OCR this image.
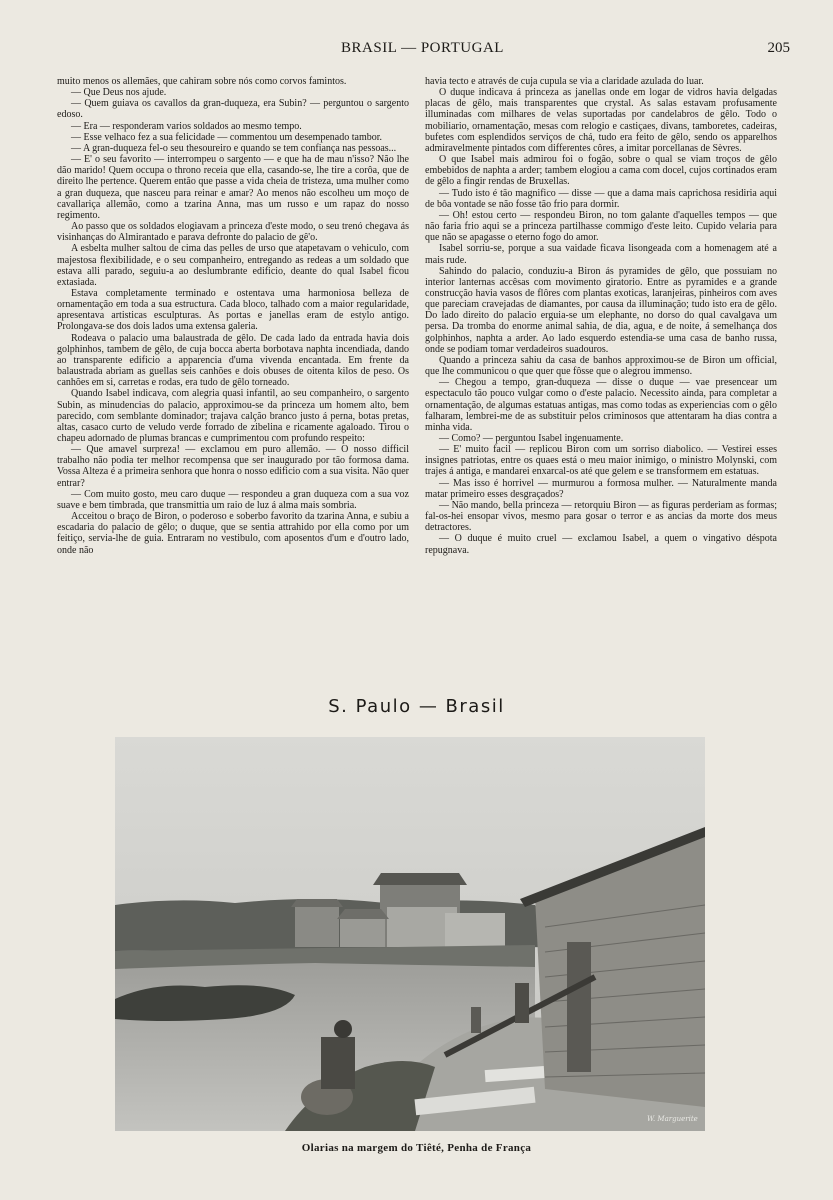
BRASIL — PORTUGAL	205

muito menos os allemães, que cahiram sobre nós como corvos famintos.

— Que Deus nos ajude.

— Quem guiava os cavallos da gran-duqueza, era Subin? — perguntou o sargento edoso.

— Era — responderam varios soldados ao mesmo tempo.

— Esse velhaco fez a sua felicidade — commentou um desempenado tambor.

— A gran-duqueza fel-o seu thesoureiro e quando se tem confiança nas pessoas...

— E' o seu favorito — interrompeu o sargento — e que ha de mau n'isso? Não lhe dão marido! Quem occupa o throno receia que ella, casando-se, lhe tire a corôa, que de direito lhe pertence. Querem então que passe a vida cheia de tristeza, uma mulher como a gran duqueza, que nasceu para reinar e amar? Ao menos não escolheu um moço de cavallariça allemão, como a tzarina Anna, mas um russo e um rapaz do nosso regimento.

Ao passo que os soldados elogiavam a princeza d'este modo, o seu trenó chegava ás visinhanças do Almirantado e parava defronte do palacio de gê'o.

A esbelta mulher saltou de cima das pelles de urso que atapetavam o vehiculo, com majestosa flexibilidade, e o seu companheiro, entregando as redeas a um soldado que estava alli parado, seguiu-a ao deslumbrante edificio, deante do qual Isabel ficou extasiada.

Estava completamente terminado e ostentava uma harmoniosa belleza de ornamentação em toda a sua estructura. Cada bloco, talhado com a maior regularidade, apresentava artisticas esculpturas. As portas e janellas eram de estylo antigo. Prolongava-se dos dois lados uma extensa galeria.

Rodeava o palacio uma balaustrada de gêlo. De cada lado da entrada havia dois golphinhos, tambem de gêlo, de cuja bocca aberta borbotava naphta incendiada, dando ao transparente edificio a apparencia d'uma vivenda encantada. Em frente da balaustrada abriam as guellas seis canhões e dois obuses de oitenta kilos de peso. Os canhões em si, carretas e rodas, era tudo de gêlo torneado.

Quando Isabel indicava, com alegria quasi infantil, ao seu companheiro, o sargento Subin, as minudencias do palacio, approximou-se da princeza um homem alto, bem parecido, com semblante dominador; trajava calção branco justo á perna, botas pretas, altas, casaco curto de veludo verde forrado de zibelina e ricamente agaloado. Tirou o chapeu adornado de plumas brancas e cumprimentou com profundo respeito:

— Que amavel surpreza! — exclamou em puro allemão. — O nosso difficil trabalho não podia ter melhor recompensa que ser inaugurado por tão formosa dama. Vossa Alteza é a primeira senhora que honra o nosso edificio com a sua visita. Não quer entrar?

— Com muito gosto, meu caro duque — respondeu a gran duqueza com a sua voz suave e bem timbrada, que transmittia um raio de luz á alma mais sombria.

Acceitou o braço de Biron, o poderoso e soberbo favorito da tzarina Anna, e subiu a escadaria do palacio de gêlo; o duque, que se sentia attrahido por ella como por um feitiço, servia-lhe de guia. Entraram no vestibulo, com aposentos d'um e d'outro lado, onde não

havia tecto e através de cuja cupula se via a claridade azulada do luar.

O duque indicava á princeza as janellas onde em logar de vidros havia delgadas placas de gêlo, mais transparentes que crystal. As salas estavam profusamente illuminadas com milhares de velas suportadas por candelabros de gêlo. Todo o mobiliario, ornamentação, mesas com relogio e castiçaes, divans, tamboretes, cadeiras, bufetes com esplendidos serviços de chá, tudo era feito de gêlo, sendo os apparelhos admiravelmente pintados com differentes côres, a imitar porcellanas de Sèvres.

O que Isabel mais admirou foi o fogão, sobre o qual se viam troços de gêlo embebidos de naphta a arder; tambem elogiou a cama com docel, cujos cortinados eram de gêlo a fingir rendas de Bruxellas.

— Tudo isto é tão magnifico — disse — que a dama mais caprichosa residiria aqui de bôa vontade se não fosse tão frio para dormir.

— Oh! estou certo — respondeu Biron, no tom galante d'aquelles tempos — que não faria frio aqui se a princeza partilhasse commigo d'este leito. Cupido velaria para que não se apagasse o eterno fogo do amor.

Isabel sorriu-se, porque a sua vaidade ficava lisongeada com a homenagem até a mais rude.

Sahindo do palacio, conduziu-a Biron ás pyramides de gêlo, que possuiam no interior lanternas accêsas com movimento giratorio. Entre as pyramides e a grande construcção havia vasos de flôres com plantas exoticas, laranjeiras, pinheiros com aves que pareciam cravejadas de diamantes, por causa da illuminação; tudo isto era de gêlo. Do lado direito do palacio erguia-se um elephante, no dorso do qual cavalgava um persa. Da tromba do enorme animal sahia, de dia, agua, e de noite, á semelhança dos golphinhos, naphta a arder. Ao lado esquerdo estendia-se uma casa de banho russa, onde se podiam tomar verdadeiros suadouros.

Quando a princeza sahiu da casa de banhos approximou-se de Biron um official, que lhe communicou o que quer que fôsse que o alegrou immenso.

— Chegou a tempo, gran-duqueza — disse o duque — vae presencear um espectaculo tão pouco vulgar como o d'este palacio. Necessito ainda, para completar a ornamentação, de algumas estatuas antigas, mas como todas as experiencias com o gêlo falharam, lembrei-me de as substituir pelos criminosos que attentaram ha dias contra a minha vida.

— Como? — perguntou Isabel ingenuamente.

— E' muito facil — replicou Biron com um sorriso diabolico. — Vestirei esses insignes patriotas, entre os quaes está o meu maior inimigo, o ministro Molynski, com trajes á antiga, e mandarei enxarcal-os até que gelem e se transformem em estatuas.

— Mas isso é horrivel — murmurou a formosa mulher. — Naturalmente manda matar primeiro esses desgraçados?

— Não mando, bella princeza — retorquiu Biron — as figuras perderiam as formas; fal-os-hei ensopar vivos, mesmo para gosar o terror e as ancias da morte dos meus detractores.

— O duque é muito cruel — exclamou Isabel, a quem o vingativo déspota repugnava.

S. Paulo — Brasil
W. Marguerite
Olarias na margem do Tiêté, Penha de França
